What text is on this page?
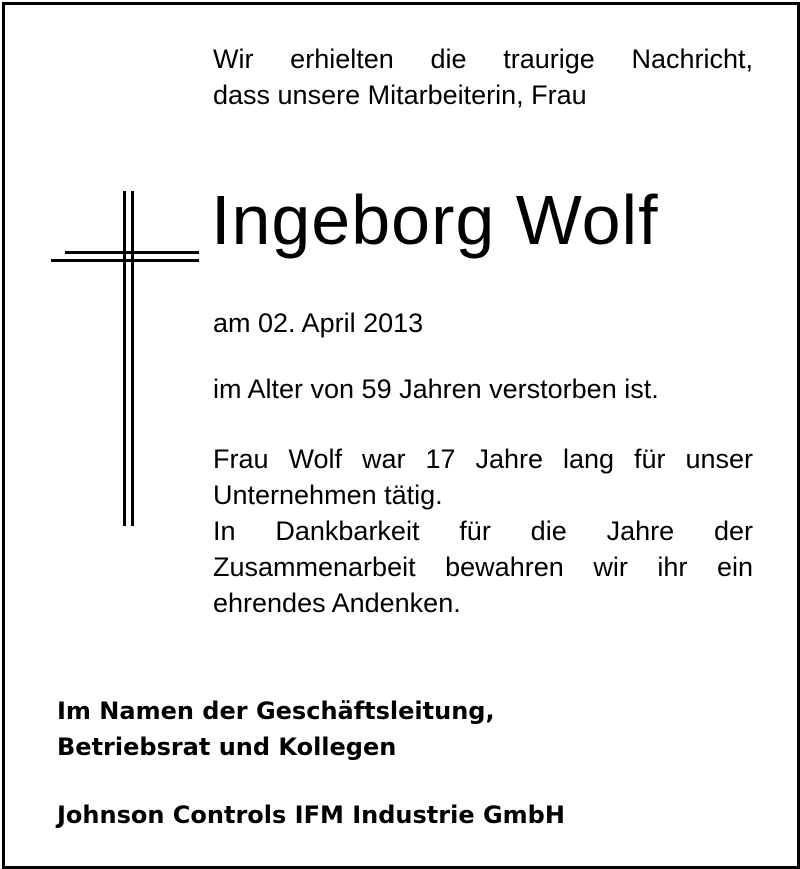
Wir erhielten die traurige Nachricht,
dass unsere Mitarbeiterin, Frau
Ingeborg Wolf
am 02. April 2013
im Alter von 59 Jahren verstorben ist.
Frau Wolf war 17 Jahre lang für unser
Unternehmen tätig.
In Dankbarkeit für die Jahre der
Zusammenarbeit bewahren wir ihr ein
ehrendes Andenken.
Im Namen der Geschäftsleitung,
Betriebsrat und Kollegen
Johnson Controls IFM Industrie GmbH
